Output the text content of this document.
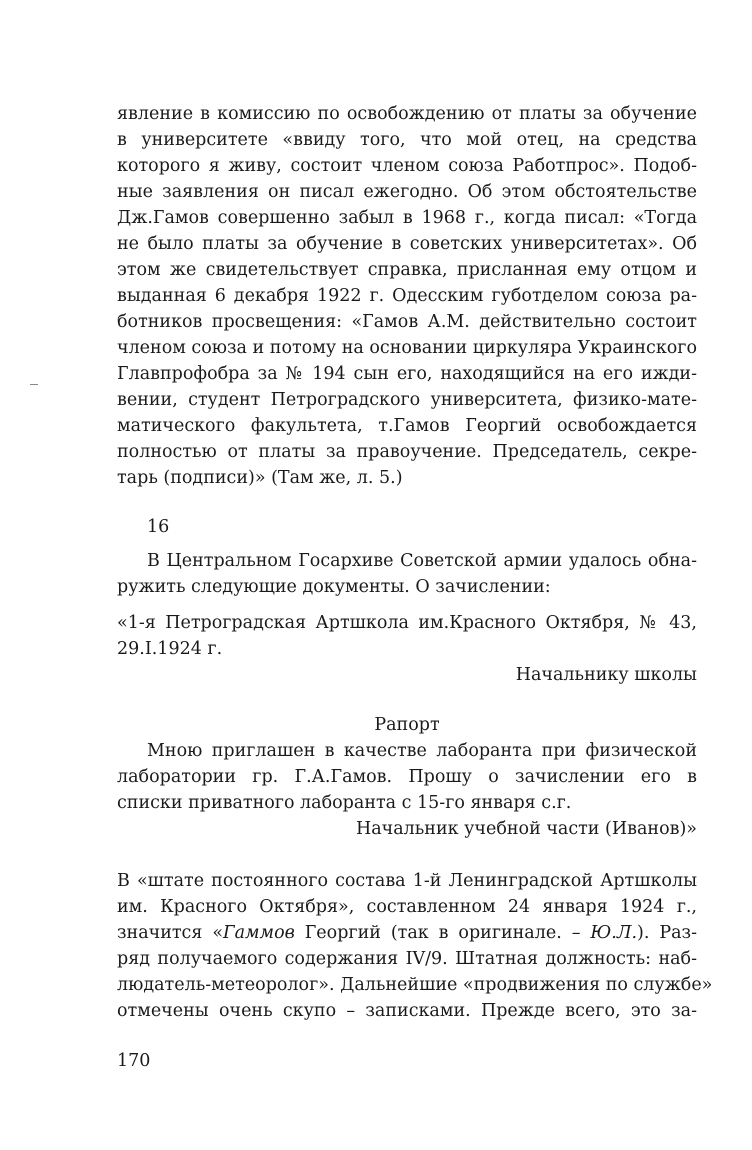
явление в комиссию по освобождению от платы за обучение
в университете «ввиду того, что мой отец, на средства
которого я живу, состоит членом союза Работпрос». Подоб-
ные заявления он писал ежегодно. Об этом обстоятельстве
Дж.Гамов совершенно забыл в 1968 г., когда писал: «Тогда
не было платы за обучение в советских университетах». Об
этом же свидетельствует справка, присланная ему отцом и
выданная 6 декабря 1922 г. Одесским губотделом союза ра-
ботников просвещения: «Гамов А.М. действительно состоит
членом союза и потому на основании циркуляра Украинского
Главпрофобра за № 194 сын его, находящийся на его ижди-
вении, студент Петроградского университета, физико-мате-
матического факультета, т.Гамов Георгий освобождается
полностью от платы за правоучение. Председатель, секре-
тарь (подписи)» (Там же, л. 5.)
16
В Центральном Госархиве Советской армии удалось обна-
ружить следующие документы. О зачислении:
«1-я Петроградская Артшкола им.Красного Октября, № 43,
29.I.1924 г.
Начальнику школы
Рапорт
Мною приглашен в качестве лаборанта при физической
лаборатории гр. Г.А.Гамов. Прошу о зачислении его в
списки приватного лаборанта с 15-го января с.г.
Начальник учебной части (Иванов)»
В «штате постоянного состава 1-й Ленинградской Артшколы
им. Красного Октября», составленном 24 января 1924 г.,
значится «Гаммов Георгий (так в оригинале. – Ю.Л.). Раз-
ряд получаемого содержания IV/9. Штатная должность: наб-
людатель-метеоролог». Дальнейшие «продвижения по службе»
отмечены очень скупо – записками. Прежде всего, это за-
170
